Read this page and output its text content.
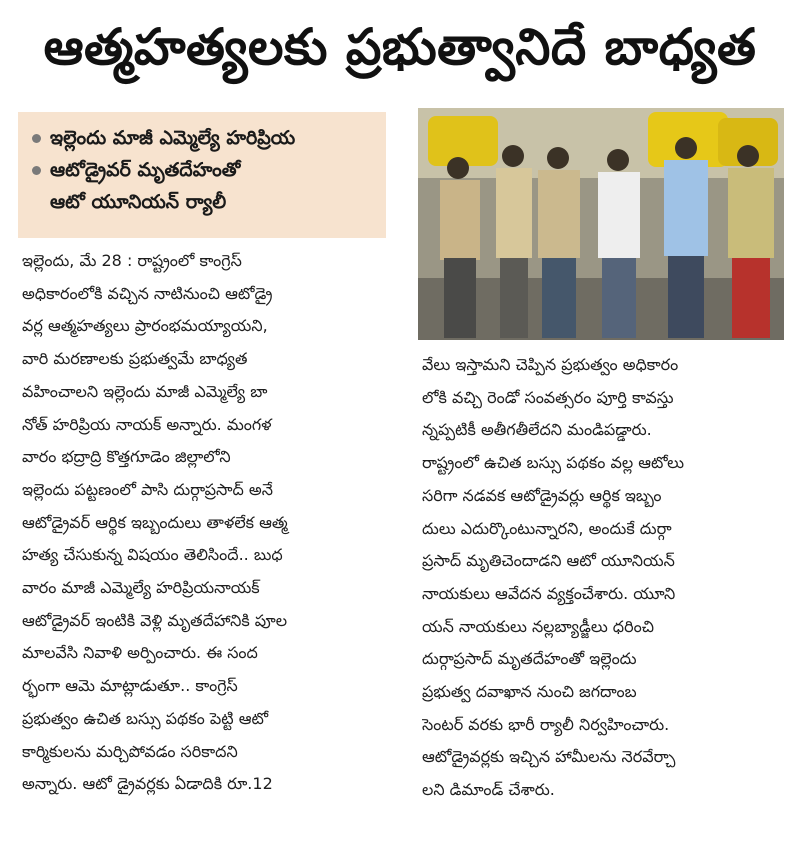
ఆత్మహత్యలకు ప్రభుత్వానిదే బాధ్యత
ఇల్లెందు మాజీ ఎమ్మెల్యే హరిప్రియ
ఆటోడ్రైవర్ మృతదేహంతో
ఆటో యూనియన్ ర్యాలీ
ఇల్లెందు, మే 28 : రాష్ట్రంలో కాంగ్రెస్
అధికారంలోకి వచ్చిన నాటినుంచి ఆటోడ్రై
వర్ల ఆత్మహత్యలు ప్రారంభమయ్యాయని,
వారి మరణాలకు ప్రభుత్వమే బాధ్యత
వహించాలని ఇల్లెందు మాజీ ఎమ్మెల్యే బా
నోత్ హరిప్రియ నాయక్ అన్నారు. మంగళ
వారం భద్రాద్రి కొత్తగూడెం జిల్లాలోని
ఇల్లెందు పట్టణంలో పాసి దుర్గాప్రసాద్ అనే
ఆటోడ్రైవర్ ఆర్థిక ఇబ్బందులు తాళలేక ఆత్మ
హత్య చేసుకున్న విషయం తెలిసిందే.. బుధ
వారం మాజీ ఎమ్మెల్యే హరిప్రియనాయక్
ఆటోడ్రైవర్ ఇంటికి వెళ్లి మృతదేహానికి పూల
మాలవేసి నివాళి అర్పించారు. ఈ సంద
ర్భంగా ఆమె మాట్లాడుతూ.. కాంగ్రెస్
ప్రభుత్వం ఉచిత బస్సు పథకం పెట్టి ఆటో
కార్మికులను మర్చిపోవడం సరికాదని
అన్నారు. ఆటో డ్రైవర్లకు ఏడాదికి రూ.12
వేలు ఇస్తామని చెప్పిన ప్రభుత్వం అధికారం
లోకి వచ్చి రెండో సంవత్సరం పూర్తి కావస్తు
న్నప్పటికీ అతీగతీలేదని మండిపడ్డారు.
రాష్ట్రంలో ఉచిత బస్సు పథకం వల్ల ఆటోలు
సరిగా నడవక ఆటోడ్రైవర్లు ఆర్థిక ఇబ్బం
దులు ఎదుర్కొంటున్నారని, అందుకే దుర్గా
ప్రసాద్ మృతిచెందాడని ఆటో యూనియన్
నాయకులు ఆవేదన వ్యక్తంచేశారు. యూని
యన్ నాయకులు నల్లబ్యాడ్జీలు ధరించి
దుర్గాప్రసాద్ మృతదేహంతో ఇల్లెందు
ప్రభుత్వ దవాఖాన నుంచి జగదాంబ
సెంటర్ వరకు భారీ ర్యాలీ నిర్వహించారు.
ఆటోడ్రైవర్లకు ఇచ్చిన హామీలను నెరవేర్చా
లని డిమాండ్ చేశారు.
